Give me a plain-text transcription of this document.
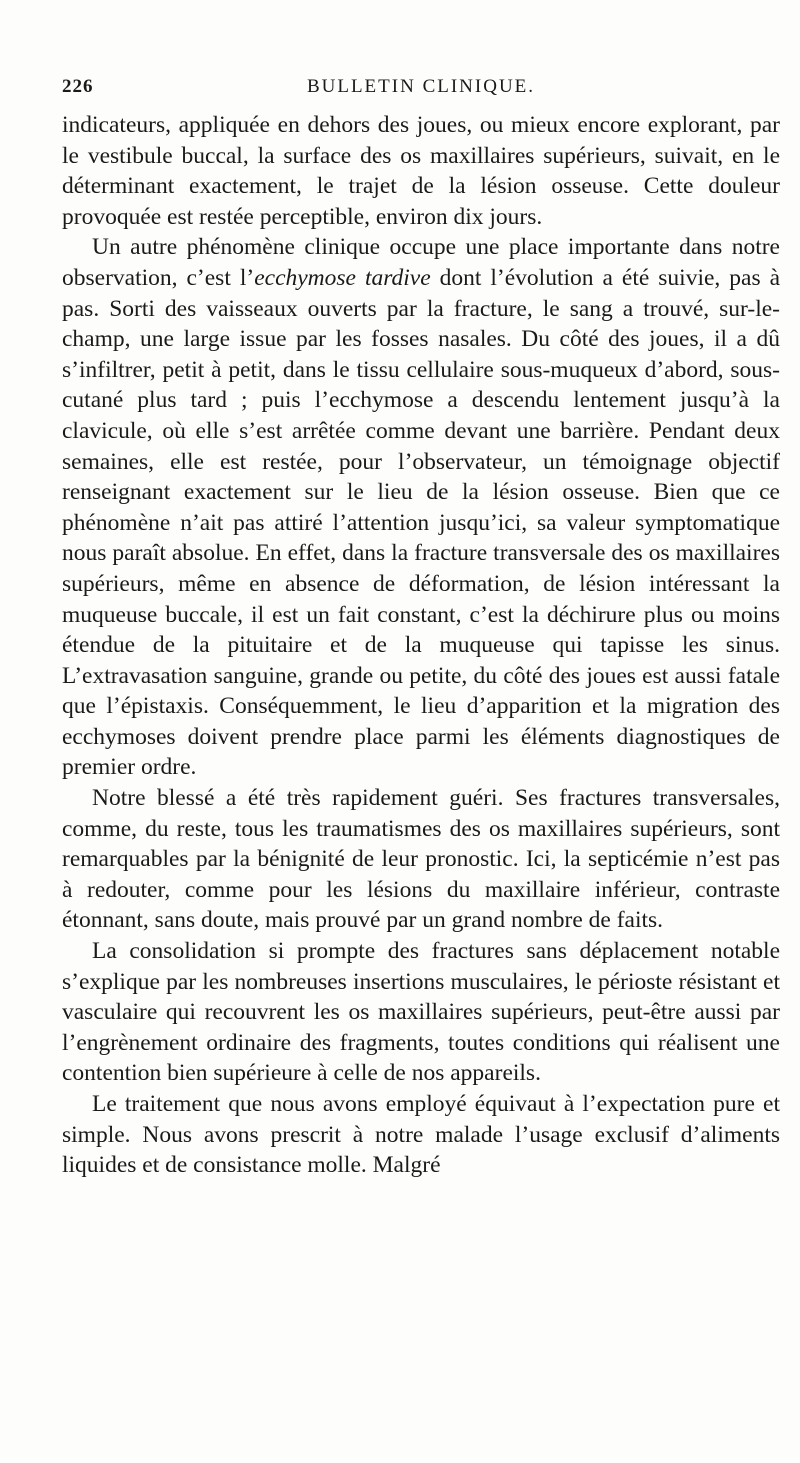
226	BULLETIN CLINIQUE.

indicateurs, appliquée en dehors des joues, ou mieux encore explorant, par le vestibule buccal, la surface des os maxillaires supérieurs, suivait, en le déterminant exactement, le trajet de la lésion osseuse. Cette douleur provoquée est restée perceptible, environ dix jours.

Un autre phénomène clinique occupe une place importante dans notre observation, c’est l’ecchymose tardive dont l’évolution a été suivie, pas à pas. Sorti des vaisseaux ouverts par la fracture, le sang a trouvé, sur-le-champ, une large issue par les fosses nasales. Du côté des joues, il a dû s’infiltrer, petit à petit, dans le tissu cellulaire sous-muqueux d’abord, sous-cutané plus tard ; puis l’ecchymose a descendu lentement jusqu’à la clavicule, où elle s’est arrêtée comme devant une barrière. Pendant deux semaines, elle est restée, pour l’observateur, un témoignage objectif renseignant exactement sur le lieu de la lésion osseuse. Bien que ce phénomène n’ait pas attiré l’attention jusqu’ici, sa valeur symptomatique nous paraît absolue. En effet, dans la fracture transversale des os maxillaires supérieurs, même en absence de déformation, de lésion intéressant la muqueuse buccale, il est un fait constant, c’est la déchirure plus ou moins étendue de la pituitaire et de la muqueuse qui tapisse les sinus. L’extravasation sanguine, grande ou petite, du côté des joues est aussi fatale que l’épistaxis. Conséquemment, le lieu d’apparition et la migration des ecchymoses doivent prendre place parmi les éléments diagnostiques de premier ordre.

Notre blessé a été très rapidement guéri. Ses fractures transversales, comme, du reste, tous les traumatismes des os maxillaires supérieurs, sont remarquables par la bénignité de leur pronostic. Ici, la septicémie n’est pas à redouter, comme pour les lésions du maxillaire inférieur, contraste étonnant, sans doute, mais prouvé par un grand nombre de faits.

La consolidation si prompte des fractures sans déplacement notable s’explique par les nombreuses insertions musculaires, le périoste résistant et vasculaire qui recouvrent les os maxillaires supérieurs, peut-être aussi par l’engrènement ordinaire des fragments, toutes conditions qui réalisent une contention bien supérieure à celle de nos appareils.

Le traitement que nous avons employé équivaut à l’expectation pure et simple. Nous avons prescrit à notre malade l’usage exclusif d’aliments liquides et de consistance molle. Malgré
